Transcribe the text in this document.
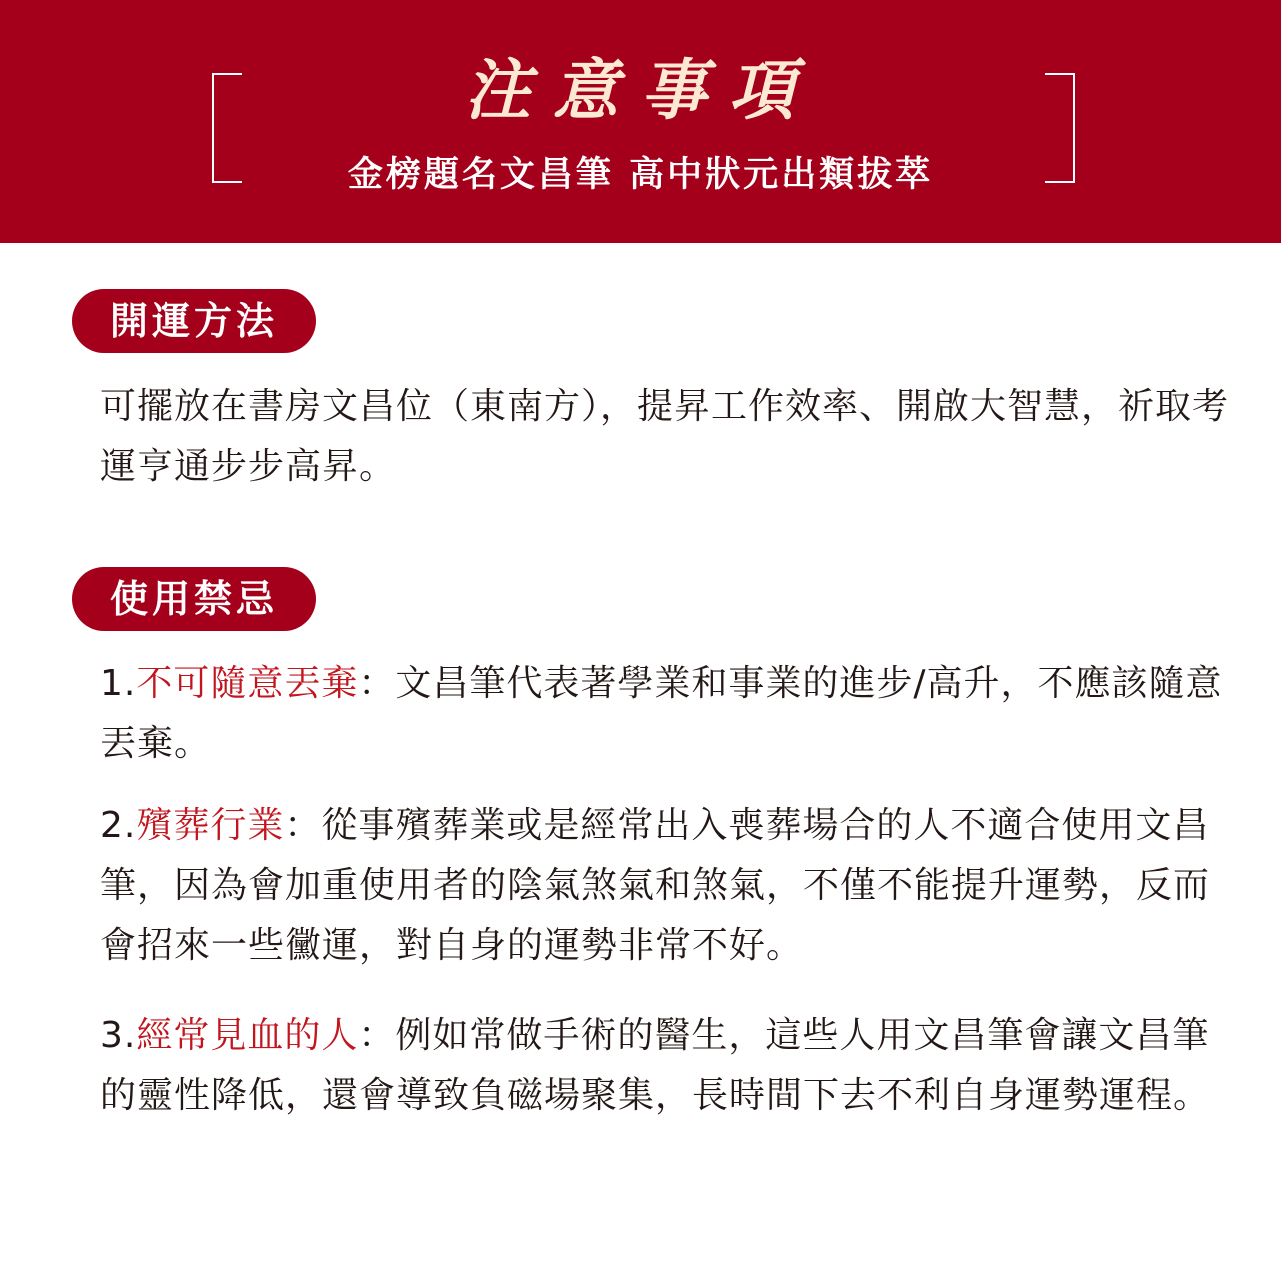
注意事項
金榜題名文昌筆 高中狀元出類拔萃
開運方法
可擺放在書房文昌位（東南方），提昇工作效率、開啟大智慧，祈取考運亨通步步高昇。
使用禁忌
1.不可隨意丟棄：文昌筆代表著學業和事業的進步/高升，不應該隨意丟棄。
2.殯葬行業：從事殯葬業或是經常出入喪葬場合的人不適合使用文昌筆，因為會加重使用者的陰氣煞氣和煞氣，不僅不能提升運勢，反而會招來一些黴運，對自身的運勢非常不好。
3.經常見血的人：例如常做手術的醫生，這些人用文昌筆會讓文昌筆的靈性降低，還會導致負磁場聚集，長時間下去不利自身運勢運程。
